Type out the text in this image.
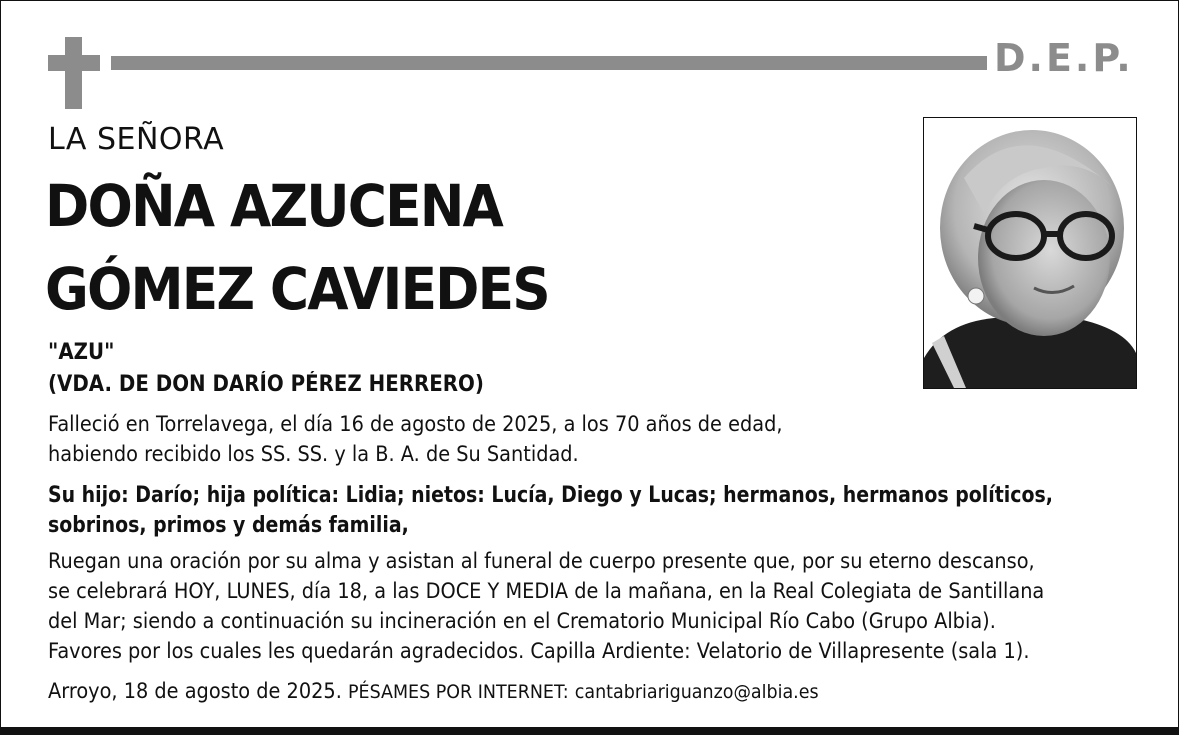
D.E.P.
LA SEÑORA
DOÑA AZUCENA
GÓMEZ CAVIEDES
"AZU"
(VDA. DE DON DARÍO PÉREZ HERRERO)
Falleció en Torrelavega, el día 16 de agosto de 2025, a los 70 años de edad,
habiendo recibido los SS. SS. y la B. A. de Su Santidad.
Su hijo: Darío; hija política: Lidia; nietos: Lucía, Diego y Lucas; hermanos, hermanos políticos,
sobrinos, primos y demás familia,
Ruegan una oración por su alma y asistan al funeral de cuerpo presente que, por su eterno descanso,
se celebrará HOY, LUNES, día 18, a las DOCE Y MEDIA de la mañana, en la Real Colegiata de Santillana
del Mar; siendo a continuación su incineración en el Crematorio Municipal Río Cabo (Grupo Albia).
Favores por los cuales les quedarán agradecidos. Capilla Ardiente: Velatorio de Villapresente (sala 1).
Arroyo, 18 de agosto de 2025. PÉSAMES POR INTERNET: cantabriariguanzo@albia.es
